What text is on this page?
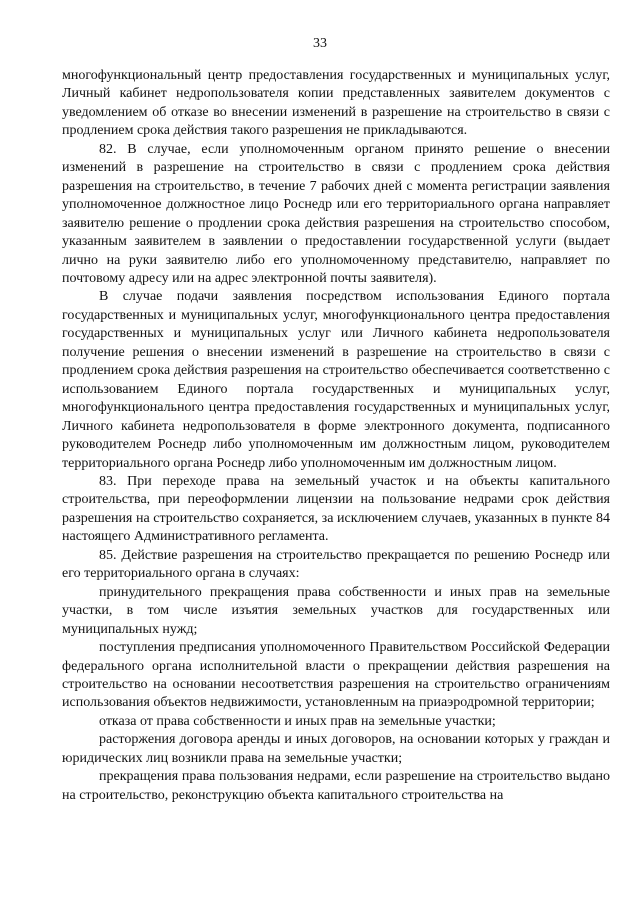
33

многофункциональный центр предоставления государственных и муниципальных услуг, Личный кабинет недропользователя копии представленных заявителем документов с уведомлением об отказе во внесении изменений в разрешение на строительство в связи с продлением срока действия такого разрешения не прикладываются.

82. В случае, если уполномоченным органом принято решение о внесении изменений в разрешение на строительство в связи с продлением срока действия разрешения на строительство, в течение 7 рабочих дней с момента регистрации заявления уполномоченное должностное лицо Роснедр или его территориального органа направляет заявителю решение о продлении срока действия разрешения на строительство способом, указанным заявителем в заявлении о предоставлении государственной услуги (выдает лично на руки заявителю либо его уполномоченному представителю, направляет по почтовому адресу или на адрес электронной почты заявителя).

В случае подачи заявления посредством использования Единого портала государственных и муниципальных услуг, многофункционального центра предоставления государственных и муниципальных услуг или Личного кабинета недропользователя получение решения о внесении изменений в разрешение на строительство в связи с продлением срока действия разрешения на строительство обеспечивается соответственно с использованием Единого портала государственных и муниципальных услуг, многофункционального центра предоставления государственных и муниципальных услуг, Личного кабинета недропользователя в форме электронного документа, подписанного руководителем Роснедр либо уполномоченным им должностным лицом, руководителем территориального органа Роснедр либо уполномоченным им должностным лицом.

83. При переходе права на земельный участок и на объекты капитального строительства, при переоформлении лицензии на пользование недрами срок действия разрешения на строительство сохраняется, за исключением случаев, указанных в пункте 84 настоящего Административного регламента.

85. Действие разрешения на строительство прекращается по решению Роснедр или его территориального органа в случаях:

принудительного прекращения права собственности и иных прав на земельные участки, в том числе изъятия земельных участков для государственных или муниципальных нужд;

поступления предписания уполномоченного Правительством Российской Федерации федерального органа исполнительной власти о прекращении действия разрешения на строительство на основании несоответствия разрешения на строительство ограничениям использования объектов недвижимости, установленным на приаэродромной территории;

отказа от права собственности и иных прав на земельные участки;

расторжения договора аренды и иных договоров, на основании которых у граждан и юридических лиц возникли права на земельные участки;

прекращения права пользования недрами, если разрешение на строительство выдано на строительство, реконструкцию объекта капитального строительства на
